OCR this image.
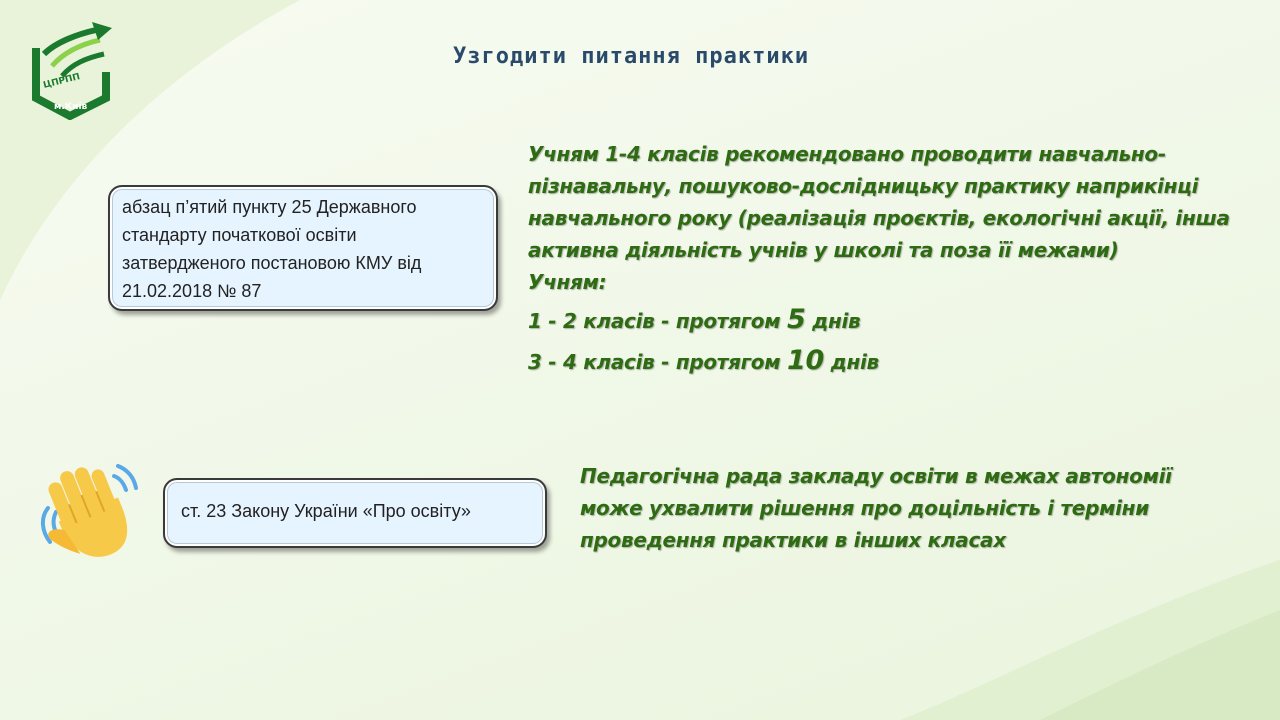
ЦПРПП
м.Київ
Узгодити питання практики
абзац п’ятий пункту 25 Державного
стандарту початкової освіти
затвердженого постановою КМУ від
21.02.2018 № 87
Учням 1-4 класів рекомендовано проводити навчально-
пізнавальну, пошуково-дослідницьку практику наприкінці
навчального року (реалізація проєктів, екологічні акції, інша
активна діяльність учнів у школі та поза її межами)
Учням:
1 - 2 класів - протягом 5 днів
3 - 4 класів - протягом 10 днів
ст. 23 Закону України «Про освіту»
Педагогічна рада закладу освіти в межах автономії
може ухвалити рішення про доцільність і терміни
проведення практики в інших класах
